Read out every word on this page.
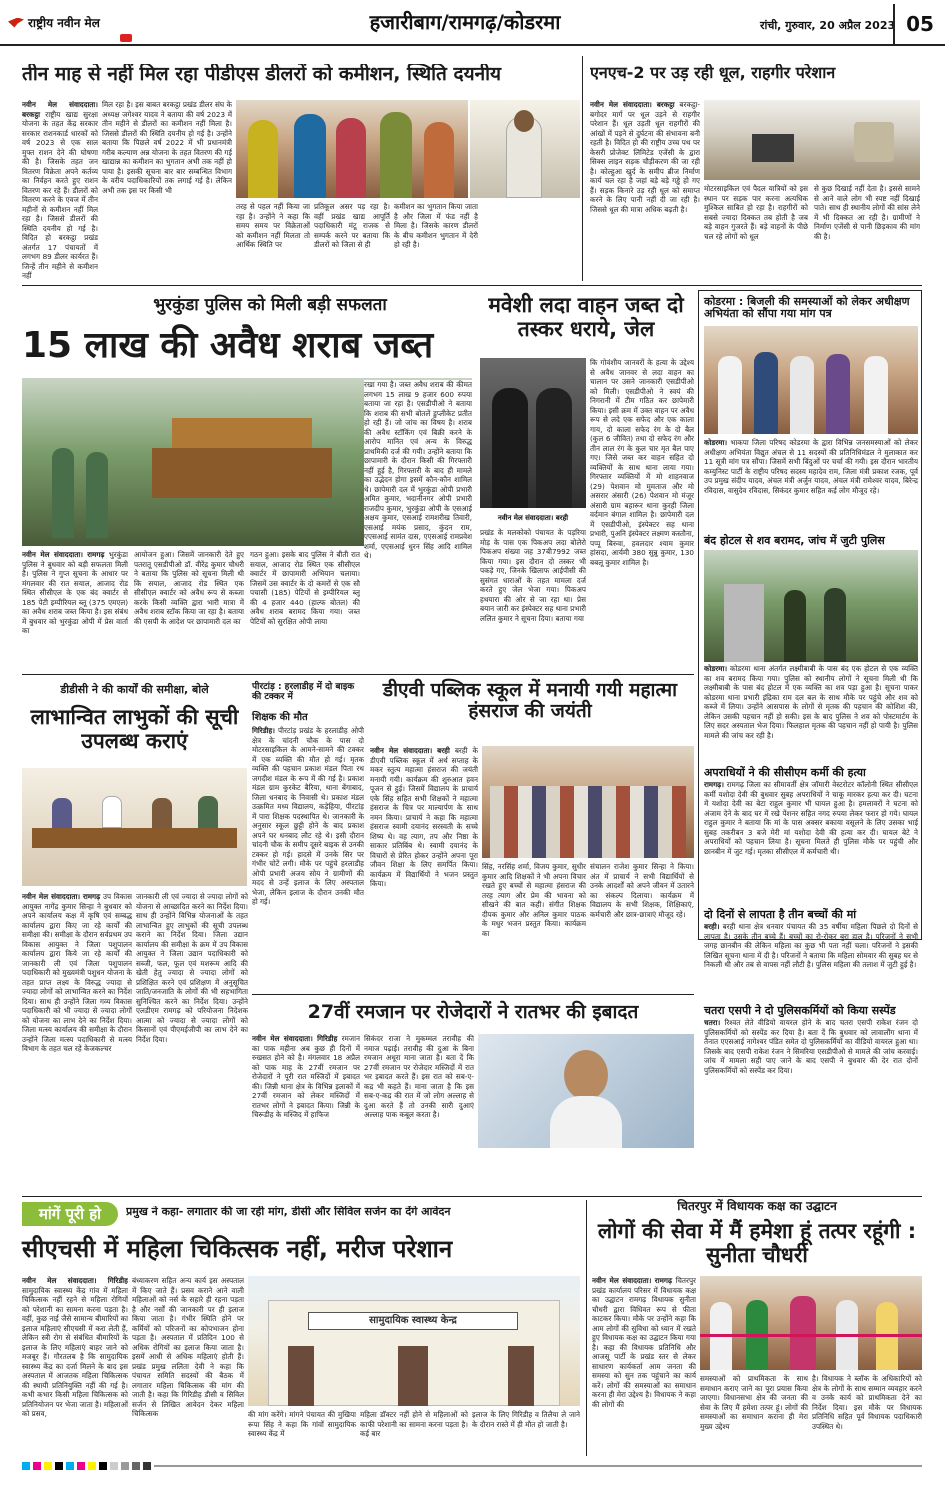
राष्ट्रीय नवीन मेल	हजारीबाग/रामगढ़/कोडरमा	रांची, गुरुवार, 20 अप्रैल 2023 05
तीन माह से नहीं मिल रहा पीडीएस डीलरों को कमीशन, स्थिति दयनीय
नवीन मेल संवाददाता। बरकट्ठा राष्ट्रीय खाद्य सुरक्षा योजना के तहत केंद्र सरकार सरकार राशनकार्ड धारकों को वर्ष 2023 से एक साल मुफ्त राशन देने की घोषणा की है। जिसके तहत जन वितरण विक्रेता अपने कर्तव्य का निर्वहन करते हुए राशन वितरण कर रहे हैं। डीलरों को वितरण करने के एवज में तीन महीनों से कमीशन नहीं मिल रहा है। जिससे डीलरों की स्थिति दयनीय हो गई है। विदित हो बरकट्ठा प्रखंड अंतर्गत 17 पंचायतों में लगभग 89 डीलर कार्यरत हैं। जिन्हें तीन महीने से कमीशन नहीं
मिल रहा है। इस बाबत बरकट्ठा प्रखंड डीलर संघ के अध्यक्ष जगेश्वर यादव ने बताया की वर्ष 2023 में तीन महीने से डीलरों का कमीशन नहीं मिला है। जिससे डीलरों की स्थिति दयनीय हो गई है। उन्होंने बताया कि पिछले वर्ष 2022 में भी प्रधानमंत्री गरीब कल्याण अन्न योजना के तहत वितरण की गई खाद्यान्न का कमीशन का भुगतान अभी तक नहीं हो पाया है। इसकी सूचना बार बार सम्बन्धित विभाग के वरीय पदाधिकारियों तक लगाई गई है। लेकिन अभी तक इस पर किसी भी
तरह से पहल नहीं किया जा रहा है। उन्होंने ने कहा कि समय समय पर विक्रेताओं को कमीशन नहीं मिलता तो आर्थिक स्थिति पर
प्रतिकूल असर पड़ रहा है। वहीं प्रखंड खाद्य आपूर्ति पदाधिकारी मंटू राजक से सम्पर्क करने पर बताया कि डीलरों को जिला से ही
कमीशन का भुगतान किया जाता है और जिला में फंड नहीं है मिला है। जिसके कारण डीलरों के बीच कमीशन भुगतान में देरी हो रही है।
एनएच-2 पर उड़ रही धूल, राहगीर परेशान
नवीन मेल संवाददाता। बरकट्ठा बरकट्ठा-बगोदर मार्ग पर धूल उड़ने से राहगीर परेशान हैं। धूल उड़ती धूल राहगीरों की आंखों में पड़ने से दुर्घटना की संभावना बनी रहती है। विदित हो की राष्ट्रीय उच्च पथ पर केसरी प्रोजेक्ट लिमिटेड एजेंसी के द्वारा सिक्स लाइन सड़क चौड़ीकरण की जा रही है। कोल्हुआ खुर्द के समीप ब्रीज निर्माण कार्य चल रहा है जहां बड़े बड़े गड्ढे हो गए हैं। सड़क किनारे उड़ रही धूल को समाप्त करने के लिए पानी नहीं दी जा रही है। जिससे धूल की मात्रा अधिक बढ़ती है।
मोटरसाइकिल एवं पैदल यात्रियों को इस स्थान पर सड़क पार करना अत्यधिक मुश्किल साबित हो रहा है। राहगीरों को सबसे ज्यादा दिक्कत तब होती है जब बड़े वाहन गुजरते हैं। बड़े वाहनों के पीछे चल रहे लोगों को धूल
से कुछ दिखाई नहीं देता है। इससे सामने से आने वाले लोग भी स्पष्ट नहीं दिखाई पाते। साथ ही स्थानीय लोगों की सांस लेने में भी दिक्कत आ रही है। ग्रामीणों ने निर्माण एजेंसी से पानी छिड़काव की मांग की है।
भुरकुंडा पुलिस को मिली बड़ी सफलता
15 लाख की अवैध शराब जब्त
नवीन मेल संवाददाता। रामगढ़ भुरकुंडा पुलिस ने बुधवार को बड़ी सफलता मिली है। पुलिस ने गुप्त सूचना के आधार पर मंगलवार की रात सयाल, आजाद रोड स्थित सीसीएल के एक बंद क्वार्टर से 185 पेटी इम्पीरियल ब्लू (375 एमएल) का अवैध शराब जब्त किया है। इस संबंध में बुधवार को भुरकुंडा ओपी में प्रेस वार्ता का
आयोजन हुआ। जिसमें जानकारी देते हुए पतरातू एसडीपीओ डॉ. वीरेंद्र कुमार चौधरी ने बताया कि पुलिस को सूचना मिली थी कि सयाल, आजाद रोड स्थित एक सीसीएल क्वार्टर को अवैध रूप से कब्जा करके किसी व्यक्ति द्वारा भारी मात्रा में अवैध शराब स्टॉक किया जा रहा है। बताया की एसपी के आदेश पर छापामारी दल का
गठन हुआ। इसके बाद पुलिस ने बीती रात सयाल, आजाद रोड स्थित एक सीसीएल क्वार्टर में छापामारी अभियान चलाया। जिसमें उस क्वार्टर के दो कमरों से एक सौ पचासी (185) पेटियों से इम्पीरियल ब्लू की 4 हजार 440 (हाल्फ बोतल) की अवैध शराब बरामद किया गया। जब्त पेटियों को सुरक्षित ओपी लाया
रखा गया है। जब्त अवैध शराब की कीमत लगभग 15 लाख 9 हजार 600 रुपया बताया जा रहा है। एसडीपीओ ने बताया कि शराब की सभी बोतलें डुप्लीकेट प्रतीत हो रही हैं। जो जांच का विषय है। शराब की अवैध स्टॉकिंग एवं बिक्री करने के आरोप मानित एवं अन्य के विरुद्ध प्राथमिकी दर्ज की गयी। उन्होंने बताया कि छापामारी के दौरान किसी की गिरफ्तारी नहीं हुई है, गिरफ्तारी के बाद ही मामले का उद्भेदन होगा इसमें कौन-कौन शामिल थे। छापेमारी दल में भुरकुंडा ओपी प्रभारी अमित कुमार, भदानीनगर ओपी प्रभारी राजदीप कुमार, भुरकुंडा ओपी के एसआई अक्षय कुमार, एसआई रामशरीख तिवारी, एसआई मयंक प्रसाद, कुंदन राम, एएसआई सामंत दास, एएसआई रामप्रवेश शर्मा, एएसआई धुरन सिंह आदि शामिल थे।
मवेशी लदा वाहन जब्त दो तस्कर धराये, जेल
नवीन मेल संवाददाता। बरही
प्रखंड के मलकोको पंचायत के पड़रिया मोड़ के पास एक पिकअप लदा बोलेरो पिकअप संख्या जह 37बी7992 जब्त किया गया। इस दौरान दो तस्कर भी पकड़े गए, जिनके खिलाफ आईपीसी की सुसंगत धाराओं के तहत मामला दर्ज करते हुए जेल भेजा गया। पिकअप हथयारा की ओर से जा रहा था। प्रेस बयान जारी कर इंस्पेक्टर सह थाना प्रभारी ललित कुमार ने सूचना दिया। बताया गया
कि गोवंशीय जानवरों के हत्या के उद्देश्य से अवैध जानवर से लदा वाहन का चालान पर उसने जानकारी एसडीपीओ को मिली। एसडीपीओ ने स्वयं की निगरानी में टीम गठित कर छापेमारी किया। इसी क्रम में उक्त वाहन पर अवैध रूप से लदे एक सफेद और एक काला गाय, दो काला सफेद रंग के दो बैल (कुल 6 जीवित) तथा दो सफेद रंग और तीन लाल रंग के कुल चार मृत बैल पाए गए। जिसे जब्त कर वाहन सहित दो व्यक्तियों के साथ थाना लाया गया। गिरफ्तार व्यक्तियों में मो शाहनवाज (29) पेशवान मो मुमताज और मो असरार अंसारी (26) पेशवान मो मंजूर अंसारी ग्राम बहारूर थाना कुरही जिला वर्दमान बंगाल शामिल है। छापेमारी दल में एसडीपीओ, इंस्पेक्टर सह थाना प्रभारी, पुअनि इंस्पेक्टर लक्ष्मण कस्तौना, पप्पू बिरुवा, हवलदार श्याम कुमार हांसदा, आर्यमी 380 सुन्नु कुमार, 130 बबलू कुमार शामिल है।
कोडरमा : बिजली की समस्याओं को लेकर अधीक्षण अभियंता को सौंपा गया मांग पत्र
कोडरमा। भाकपा जिला परिषद कोडरमा के द्वारा विभिन्न जनसमस्याओं को लेकर अधीक्षण अभियंता विद्युत अंचल से 11 सदस्यों की प्रतिनिधिमंडल ने मुलाकात कर 11 सूत्री मांग पत्र सौंपा। जिसमें सभी बिंदुओं पर चर्चा की गयी। इस दौरान भारतीय कम्युनिस्ट पार्टी के राष्ट्रीय परिषद सदस्य महादेव राम, जिला मंत्री प्रकाश रजक, पूर्व उप प्रमुख संदीप यादव, अंचल मंत्री अर्जुन यादव, अंचल मंत्री रामेश्वर यादव, बिरेन्द्र रविदास, वासुदेव रविदास, सिकंदर कुमार सहित कई लोग मौजूद रहे।
बंद होटल से शव बरामद, जांच में जुटी पुलिस
कोडरमा। कोडरमा थाना अंतर्गत लक्ष्मीबाबी के पास बंद एक होटल से एक व्यक्ति का शव बरामद किया गया। पुलिस को स्थानीय लोगों ने सूचना मिली थी कि लक्ष्मीबाबी के पास बंद होटल में एक व्यक्ति का शव पड़ा हुआ है। सूचना पाकर कोडरमा थाना प्रभारी इंद्रिका राम दल बल के साथ मौके पर पहुंचे और शव को कब्जे में लिया। उन्होंने आसपास के लोगों से मृतक की पहचान की कोशिश की, लेकिन उसकी पहचान नहीं हो सकी। इस के बाद पुलिस ने शव को पोस्टमार्टम के लिए सदर अस्पताल भेज दिया। फिलहाल मृतक की पहचान नहीं हो पायी है। पुलिस मामले की जांच कर रही है।
अपराधियों ने की सीसीएम कर्मी की हत्या
रामगढ़। रामगढ़ जिला का सीमावर्ती क्षेत्र जॉमारी वेस्टरोटर कॉलोनी स्थित सीसीएल कर्मी यशोदा देवी की बुधवार सुबह अपराधियों ने चाकू मारकर हत्या कर दी। घटना में यशोदा देवी का बेटा राहुल कुमार भी घायल हुआ है। हमलावरों ने घटना को अंजाम देने के बाद घर में रखे पेंशनर सहित नगद रुपया लेकर फरार हो गये। घायल राहुल कुमार ने बताया कि मां के पास अक्सर बकाया वसूलने के लिए उसका भाई सुबह तकरीबन 3 बजे मेरी मां यशोदा देवी की हत्या कर दी। घायल बेटे ने अपराधियों को पहचान लिया है। सूचना मिलते ही पुलिस मौके पर पहुंची और छानबीन में जुट गई। मृतका सीसीएल में कर्मचारी थी।
दो दिनों से लापता है तीन बच्चों की मां
बरही। बरही थाना क्षेत्र धनवार पंचायत की 35 वर्षीया महिला पिछले दो दिनों से लापता है। उसके तीन बच्चे हैं। बच्चों का रो-रोकर बुरा हाल है। परिजनों ने सभी जगह छानबीन की लेकिन महिला का कुछ भी पता नहीं चला। परिजनों ने इसकी लिखित सूचना थाना में दी है। परिजनों ने बताया कि महिला सोमवार की सुबह घर से निकली थी और तब से वापस नहीं लौटी है। पुलिस महिला की तलाश में जुटी हुई है।
चतरा एसपी ने दो पुलिसकर्मियों को किया सस्पेंड
चतरा। रिश्वत लेते वीडियो वायरल होने के बाद चतरा एसपी राकेश रंजन दो पुलिसकर्मियों को सस्पेंड कर दिया है। बता दें कि बुधवार को लावालौंग थाना में तैनात एएसआई नागेश्वर पंडित समेत दो पुलिसकर्मियों का वीडियो वायरल हुआ था। जिसके बाद एसपी राकेश रंजन ने सिमरिया एसडीपीओ से मामले की जांच करवाई। जांच में मामला सही पाए जाने के बाद एसपी ने बुधवार की देर रात दोनों पुलिसकर्मियों को सस्पेंड कर दिया।
डीडीसी ने की कार्यों की समीक्षा, बोले
लाभान्वित लाभुकों की सूची उपलब्ध कराएं
नवीन मेल संवाददाता। रामगढ़ उप विकास आयुक्त नागेंद्र कुमार सिन्हा ने बुधवार को अपने कार्यालय कक्ष में कृषि एवं सम्बद्ध कार्यालय द्वारा किए जा रहे कार्यों की समीक्षा की। समीक्षा के दौरान सर्वप्रथम उप विकास आयुक्त ने जिला पशुपालन कार्यालय द्वारा किये जा रहे कार्यों की जानकारी ली एवं जिला पशुपालन पदाधिकारी को मुख्यमंत्री पशुधन योजना के तहत प्राप्त लक्ष्य के विरुद्ध ज्यादा से ज्यादा लोगों को लाभान्वित करने का निर्देश दिया। साथ ही उन्होंने जिला गव्य विकास पदाधिकारी को भी ज्यादा से ज्यादा लोगों को योजना का लाभ देने का निर्देश दिया। जिला मत्स्य कार्यालय की समीक्षा के दौरान उन्होंने जिला मत्स्य पदाधिकारी से मत्स्य विभाग के तहत चल रहे केजकल्चर
जानकारी ली एवं ज्यादा से ज्यादा लोगों को योजना से आच्छादित करने का निर्देश दिया। साथ ही उन्होंने विभिन्न योजनाओं के तहत लाभान्वित हुए लाभुकों की सूची उपलब्ध कराने का निर्देश दिया। जिला उद्यान कार्यालय की समीक्षा के क्रम में उप विकास आयुक्त ने जिला उद्यान पदाधिकारी को सब्जी, फल, फूल एवं मशरूम आदि की खेती हेतु ज्यादा से ज्यादा लोगों को प्रशिक्षित करने एवं प्रशिक्षण में अनुसूचित जाति/जनजाति के लोगों की भी सहभागिता सुनिश्चित करने का निर्देश दिया। उन्होंने एलडीएम रामगढ़ को परियोजना निदेशक आत्मा को ज्यादा से ज्यादा लोगों को किसानों एवं पीएमईजीपी का लाभ देने का निर्देश दिया।
पीरटांड़ : हरलाडीह में दो बाइक की टक्कर में
शिक्षक की मौत
गिरिडीह। पीरटांड़ प्रखंड के हरलाडीह ओपी क्षेत्र के चांदनी चौक के पास दो मोटरसाइकिल के आमने-सामने की टक्कर में एक व्यक्ति की मौत हो गई। मृतक व्यक्ति की पहचान प्रकाश मंडल पिता रथ जगदीश मंडल के रूप में की गई है। प्रकाश मंडल ग्राम कुरकेट बैरिया, थाना बेंगाबाद, जिला धनबाद के निवासी थे। प्रकाश मंडल उत्क्रमित मध्य विद्यालय, कड़ेहिया, पीरटांड़ में पारा शिक्षक पदस्थापित थे। जानकारी के अनुसार स्कूल छुट्टी होने के बाद प्रकाश अपने घर धनबाद लौट रहे थे। इसी दौरान चांदनी चौक के समीप दूसरे बाइक से उनकी टक्कर हो गई। हादसे में उनके सिर पर गंभीर चोटें लगी। मौके पर पहुंचे हरलाडीह ओपी प्रभारी अजय सोय ने ग्रामीणों की मदद से उन्हें इलाज के लिए अस्पताल भेजा, लेकिन इलाज के दौरान उनकी मौत हो गई।
डीएवी पब्लिक स्कूल में मनायी गयी महात्मा हंसराज की जयंती
नवीन मेल संवाददाता। बरही बरही के डीएवी पब्लिक स्कूल में अर्थ सप्ताह के मकर स्तुत्य महात्मा हंसराज की जयंती मनायी गयी। कार्यक्रम की शुरुआत हवन पूजन से हुई। जिसमें विद्यालय के प्राचार्य एके सिंह सहित सभी शिक्षकों ने महात्मा हंसराज के चित्र पर माल्यार्पण के साथ नमन किया। प्राचार्य ने कहा कि महात्मा हंसराज स्वामी दयानंद सरस्वती के सच्चे शिष्य थे। वह त्याग, तप और निष्ठा के साकार प्रतिबिंब थे। स्वामी दयानंद के विचारों से प्रेरित होकर उन्होंने अपना पूरा जीवन शिक्षा के लिए समर्पित किया। कार्यक्रम में विद्यार्थियों ने भजन प्रस्तुत किया।
सिंह, नरसिंह शर्मा, विजय कुमार, सुधीर कुमार आदि शिक्षकों ने भी अपना विचार रखते हुए बच्चों से महात्मा हंसराज की तरह त्याग और प्रेम की भावना को सीखने की बात कही। संगीत शिक्षक दीपक कुमार और अनिल कुमार पाठक के मधुर भजन प्रस्तुत किया। कार्यक्रम का
संचालन राजेश कुमार सिन्हा ने किया। अंत में प्राचार्य ने सभी विद्यार्थियों से उनके आदर्शों को अपने जीवन में उतारने का संकल्प दिलाया। कार्यक्रम में विद्यालय के सभी शिक्षक, शिक्षिकाएं, कर्मचारी और छात्र-छात्राएं मौजूद रहे।
27वीं रमजान पर रोजेदारों ने रातभर की इबादत
नवीन मेल संवाददाता। गिरिडीह रमजान का पाक महीना अब कुछ ही दिनों में रुखसत होने को है। मंगलवार 18 अप्रैल को पाक माह के 27वीं रमजान पर रोजेदारों ने पूरी रात मस्जिदों में इबादत की। जिन्नी थाना क्षेत्र के विभिन्न इलाकों में 27वीं रमजान को लेकर मस्जिदों में रातभर लोगों ने इबादत किया। जिन्नी के चिरूडीह के मस्जिद में हाफिज
सिकंदर राजा ने मुकम्मल तरावीह की नमाज पढ़ाई। तरावीह की दुआ के बिना रमजान अधूरा माना जाता है। बता दें कि 27वीं रमजान पर रोजेदार मस्जिदों में रात भर इबादत करते हैं। इस रात को सब-ए-कद्र भी कहते हैं। माना जाता है कि इस सब-ए-कद्र की रात में जो लोग अल्लाह से दुआ करते हैं तो उनकी सारी दुआएं अल्लाह पाक कबूल करता है।
मांगें पूरी हो	प्रमुख ने कहा- लगातार की जा रही मांग, डीसी और सिविल सर्जन का देंगे आवेदन
सीएचसी में महिला चिकित्सक नहीं, मरीज परेशान
नवीन मेल संवाददाता। गिरिडीह सामुदायिक स्वास्थ्य केंद्र गांव में महिला चिकित्सक नहीं रहने से महिला रोगियों को परेशानी का सामना करना पड़ता है। वहीं, कुछ नाई जैसे सामान्य बीमारियों का इलाज महिलाएं सीएचसी में करा लेती हैं, लेकिन स्त्री रोग से संबंधित बीमारियों के इलाज के लिए महिलाएं बाहर जाने को मजबूर हैं। गौरतलब है कि सामुदायिक स्वास्थ्य केंद्र का दर्जा मिलने के बाद इस अस्पताल में आजतक महिला चिकित्सक की स्थायी प्रतिनियुक्ति नहीं की गई है। कभी कभार किसी महिला चिकित्सक को प्रतिनियोजन पर भेजा जाता है। महिलाओं को प्रसव,
बंध्याकरण सहित अन्य कार्य इस अस्पताल में किए जाते हैं। प्रसव कराने आने वाली महिलाओं को नर्स के सहारे ही रहना पड़ता है और नर्सों की जानकारी पर ही इलाज किया जाता है। गंभीर स्थिति होने पर कर्मियों को परिजनों का कोपभाजन होना पड़ता है। अस्पताल में प्रतिदिन 100 से अधिक रोगियों का इलाज किया जाता है। इसमें आधी से अधिक महिलाएं होती हैं। प्रखंड प्रमुख ललिता देवी ने कहा कि पंचायत समिति सदस्यों की बैठक में लगातार महिला चिकित्सक की मांग की जाती है। कहा कि गिरिडीह डीसी व सिविल सर्जन से लिखित आवेदन देकर महिला चिकित्सक
सामुदायिक स्वास्थ्य केन्द्र
की मांग करेंगे। मांगने पंचायत की मुखिया रूपा सिंह ने कहा कि गांवों सामुदायिक स्वास्थ्य केंद्र में
महिला डॉक्टर नहीं होने से महिलाओं को काफी परेशानी का सामना करना पड़ता है। कई बार
इलाज के लिए गिरिडीह व तिलैया ले जाने के दौरान रास्ते में ही मौत हो जाती है।
चितरपुर में विधायक कक्ष का उद्घाटन
लोगों की सेवा में मैं हमेशा हूं तत्पर रहूंगी : सुनीता चौधरी
नवीन मेल संवाददाता। रामगढ़ चितरपुर प्रखंड कार्यालय परिसर में विधायक कक्ष का उद्घाटन रामगढ़ विधायक सुनीता चौधरी द्वारा विधिवत रूप से फीता काटकर किया। मौके पर उन्होंने कहा कि आम लोगों की सुविधा को ध्यान में रखते हुए विधायक कक्ष का उद्घाटन किया गया है। कहा की विधायक प्रतिनिधि और आजसू पार्टी के प्रखंड स्तर से लेकर साधारण कार्यकर्ता आम जनता की समस्या को सुन तक पहुंचाने का कार्य करें। लोगों की समस्याओं का समाधान करना ही मेरा उद्देश्य है। विधायक ने कहा की लोगों की
समस्याओं को प्राथमिकता के साथ समाधान कराए जाने का पूरा प्रयास किया जाएगा। विधानसभा क्षेत्र की जनता की सेवा के लिए मैं हमेशा तत्पर हूं। लोगों की समस्याओं का समाधान कराना ही मेरा मुख्य उद्देश्य
है। विधायक ने ब्लॉक के अधिकारियों को क्षेत्र के लोगों के साथ सम्मान व्यवहार करने व उनके कार्य को प्राथमिकता देने का निर्देश दिया। इस मौके पर विधायक प्रतिनिधि सहित पूर्व विधायक पदाधिकारी उपस्थित थे।
